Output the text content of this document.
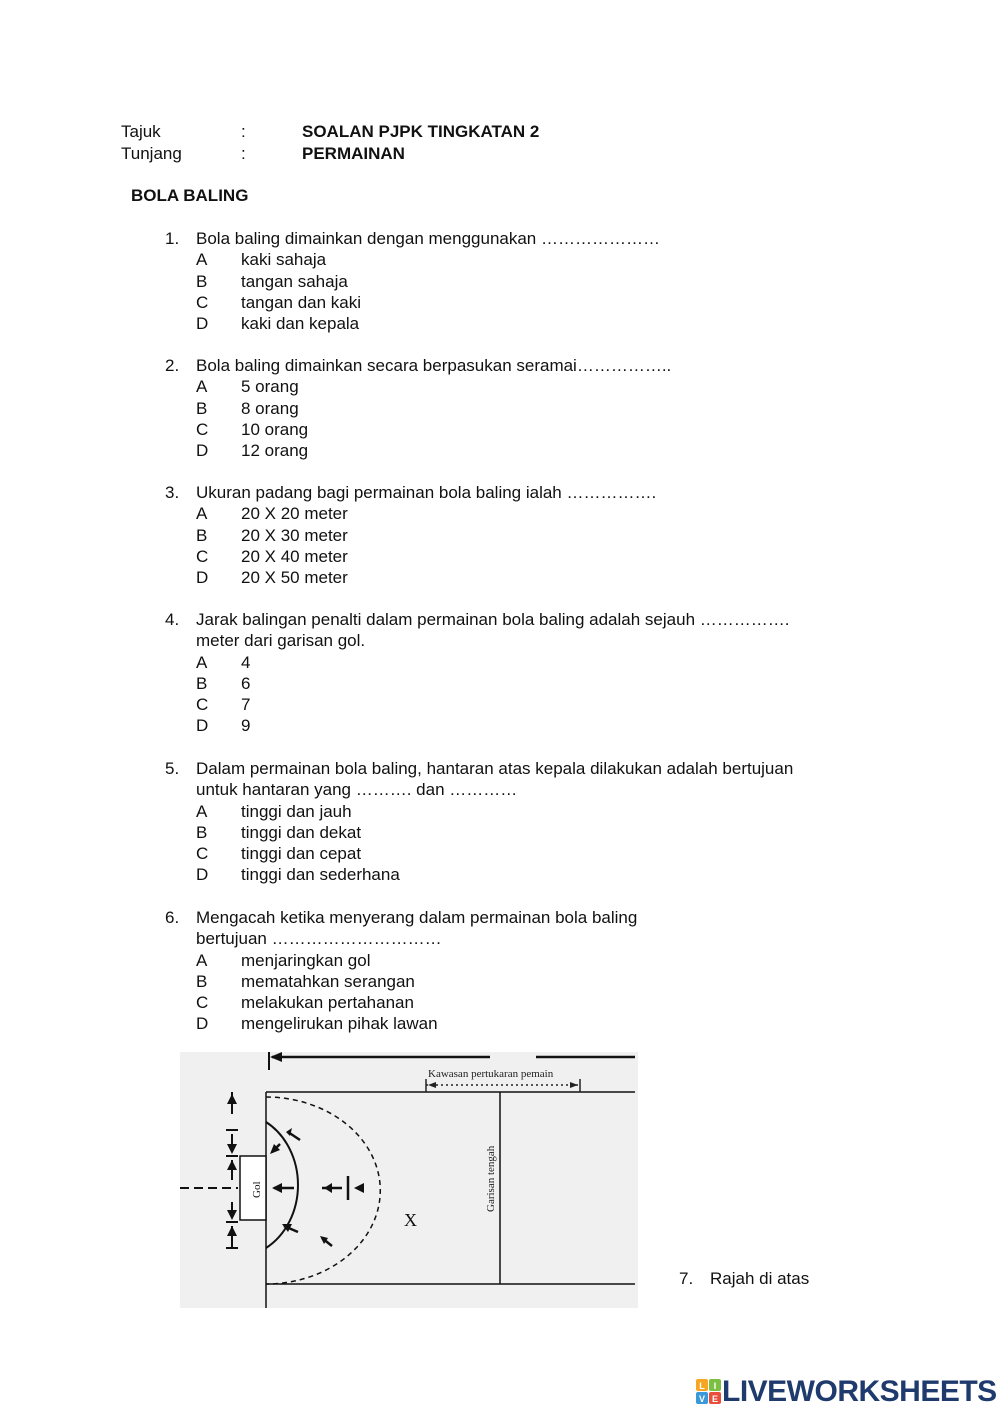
Tajuk	:	SOALAN PJPK TINGKATAN 2
Tunjang	:	PERMAINAN
BOLA BALING
1. Bola baling dimainkan dengan menggunakan …………………
A kaki sahaja
B tangan sahaja
C tangan dan kaki
D kaki dan kepala
2. Bola baling dimainkan secara berpasukan seramai……………..
A 5 orang
B 8 orang
C 10 orang
D 12 orang
3. Ukuran padang bagi permainan bola baling ialah …………….
A 20 X 20 meter
B 20 X 30 meter
C 20 X 40 meter
D 20 X 50 meter
4. Jarak balingan penalti dalam permainan bola baling adalah sejauh …………….
meter dari garisan gol.
A 4
B 6
C 7
D 9
5. Dalam permainan bola baling, hantaran atas kepala dilakukan adalah bertujuan
untuk hantaran yang ………. dan …………
A tinggi dan jauh
B tinggi dan dekat
C tinggi dan cepat
D tinggi dan sederhana
6. Mengacah ketika menyerang dalam permainan bola baling
bertujuan …………………………
A menjaringkan gol
B mematahkan serangan
C melakukan pertahanan
D mengelirukan pihak lawan
Kawasan pertukaran pemain
Garisan tengah
Gol
X
7. Rajah di atas
L I
V E LIVEWORKSHEETS
